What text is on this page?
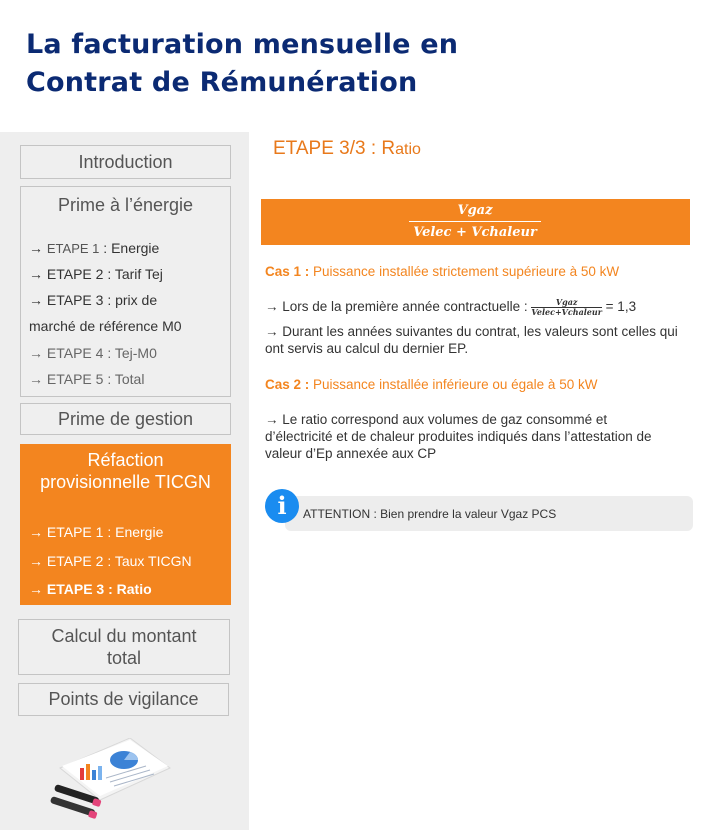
La facturation mensuelle en
Contrat de Rémunération
Introduction
Prime à l’énergie
→ ETAPE 1 : Energie
→ ETAPE 2 : Tarif Tej
→ ETAPE 3 : prix de
marché de référence M0
→ ETAPE 4 : Tej-M0
→ ETAPE 5 : Total
Prime de gestion
Réfaction
provisionnelle TICGN
→ ETAPE 1 : Energie
→ ETAPE 2 : Taux TICGN
→ ETAPE 3 : Ratio
Calcul du montant
total
Points de vigilance
ETAPE 3/3 : Ratio
Vgaz
Velec + Vchaleur
Cas 1 : Puissance installée strictement supérieure à 50 kW
→ Lors de la première année contractuelle : $\frac{\text{Vgaz}}{\text{Velec+Vchaleur}} = 1,3$
→ Durant les années suivantes du contrat, les valeurs sont celles qui ont servis au calcul du dernier EP.
Cas 2 : Puissance installée inférieure ou égale à 50 kW
→ Le ratio correspond aux volumes de gaz consommé et d’électricité et de chaleur produites indiqués dans l’attestation de valeur d’Ep annexée aux CP
ATTENTION : Bien prendre la valeur Vgaz PCS
i
